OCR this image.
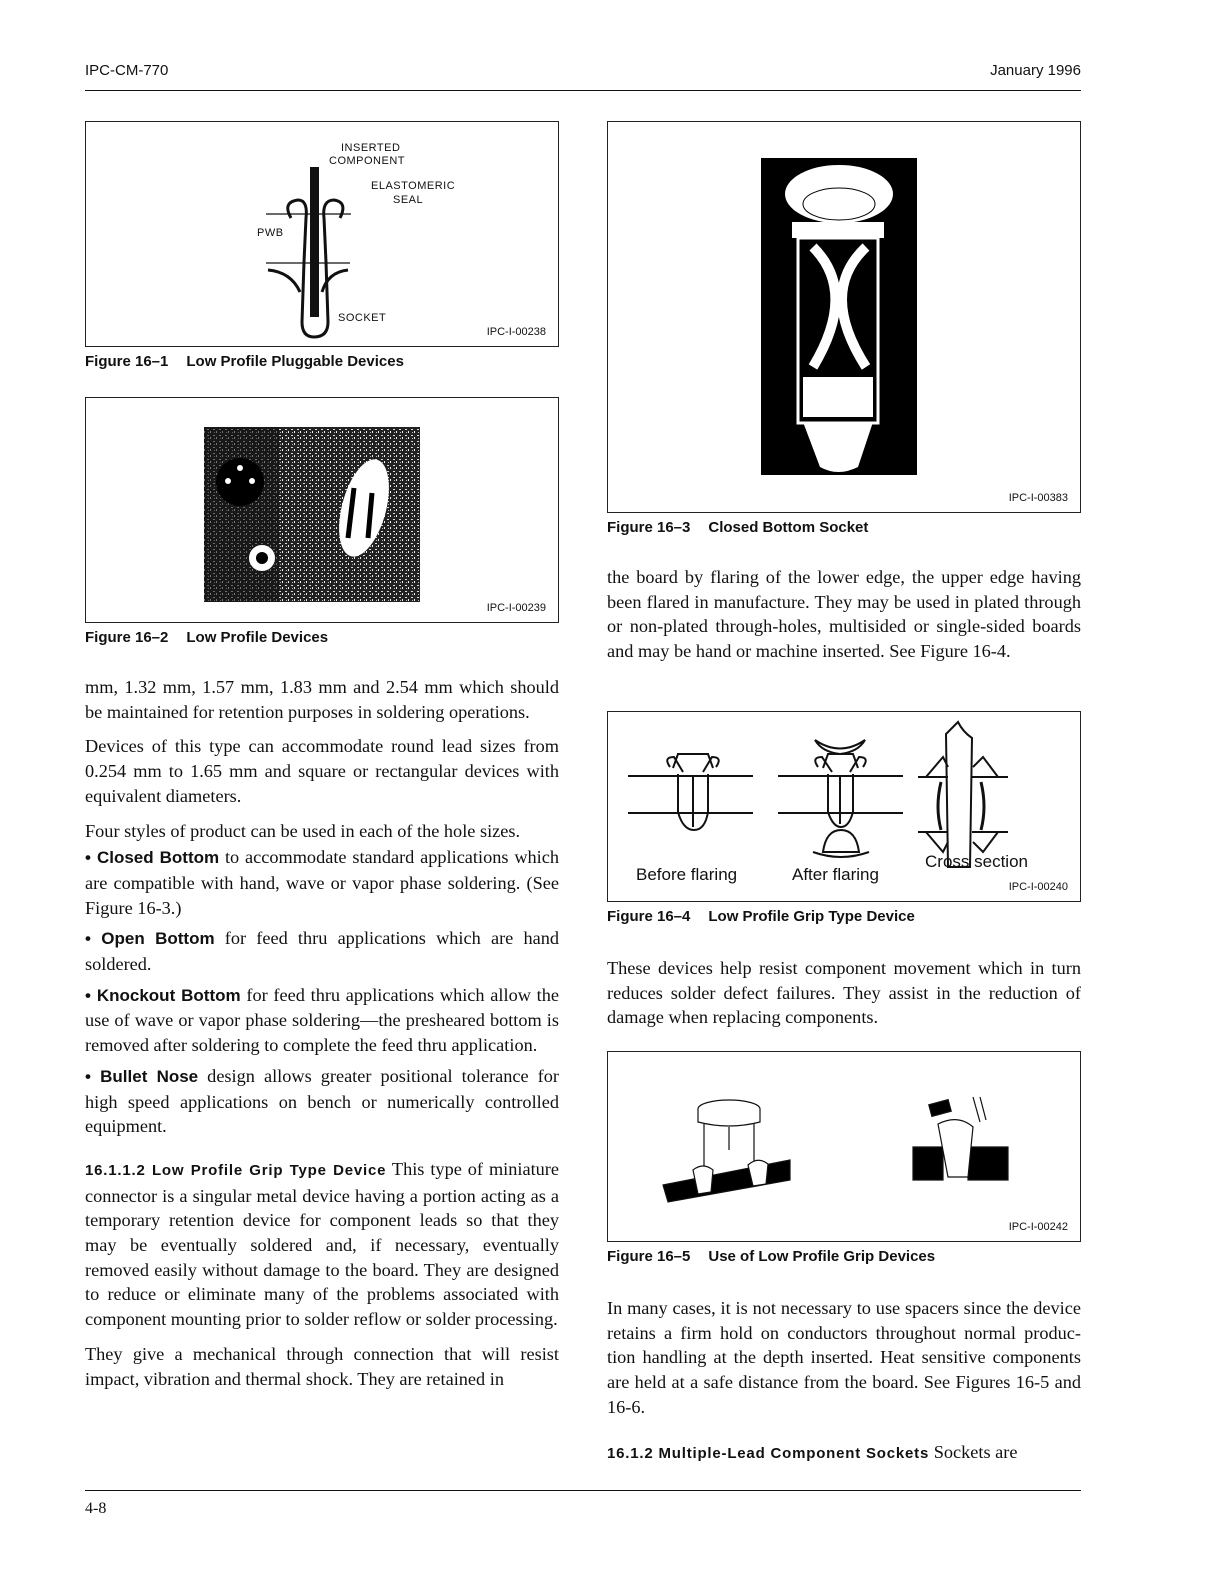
IPC-CM-770	January 1996
INSERTED
COMPONENT
ELASTOMERIC
SEAL
PWB
SOCKET
IPC-I-00238
Figure 16–1 Low Profile Pluggable Devices
IPC-I-00239
Figure 16–2 Low Profile Devices

mm, 1.32 mm, 1.57 mm, 1.83 mm and 2.54 mm which should be maintained for retention purposes in soldering operations.

Devices of this type can accommodate round lead sizes from 0.254 mm to 1.65 mm and square or rectangular devices with equivalent diameters.

Four styles of product can be used in each of the hole sizes.

• Closed Bottom to accommodate standard applications which are compatible with hand, wave or vapor phase soldering. (See Figure 16-3.)

• Open Bottom for feed thru applications which are hand soldered.

• Knockout Bottom for feed thru applications which allow the use of wave or vapor phase soldering—the presheared bottom is removed after soldering to complete the feed thru application.

• Bullet Nose design allows greater positional tolerance for high speed applications on bench or numerically controlled equipment.

16.1.1.2 Low Profile Grip Type Device This type of miniature connector is a singular metal device having a portion acting as a temporary retention device for component leads so that they may be eventually soldered and, if necessary, eventually removed easily without damage to the board. They are designed to reduce or eliminate many of the problems associated with component mounting prior to solder reflow or solder processing.

They give a mechanical through connection that will resist impact, vibration and thermal shock. They are retained in

IPC-I-00383
Figure 16–3 Closed Bottom Socket

the board by flaring of the lower edge, the upper edge having been flared in manufacture. They may be used in plated through or non-plated through-holes, multisided or single-sided boards and may be hand or machine inserted. See Figure 16-4.

Before flaring	After flaring
Cross section
IPC-I-00240
Figure 16–4 Low Profile Grip Type Device

These devices help resist component movement which in turn reduces solder defect failures. They assist in the reduction of damage when replacing components.

IPC-I-00242
Figure 16–5 Use of Low Profile Grip Devices

In many cases, it is not necessary to use spacers since the device retains a firm hold on conductors throughout normal produc- tion handling at the depth inserted. Heat sensitive components are held at a safe distance from the board. See Figures 16-5 and 16-6.

16.1.2 Multiple-Lead Component Sockets Sockets are

4-8
